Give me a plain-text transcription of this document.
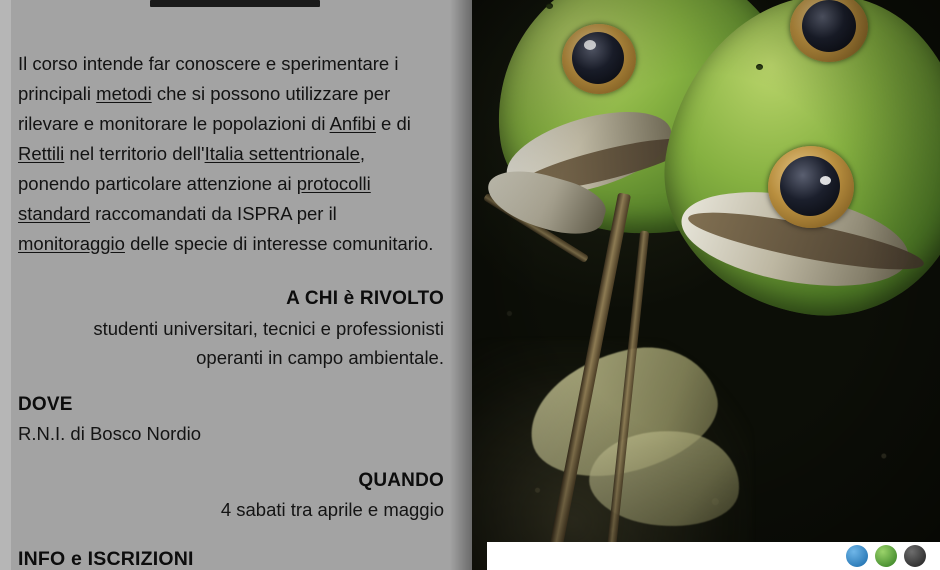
Il corso intende far conoscere e sperimentare i principali metodi che si possono utilizzare per rilevare e monitorare le popolazioni di Anfibi e di Rettili nel territorio dell'Italia settentrionale, ponendo particolare attenzione ai protocolli standard raccomandati da ISPRA per il monitoraggio delle specie di interesse comunitario.

A CHI è RIVOLTO
studenti universitari, tecnici e professionisti
operanti in campo ambientale.
DOVE
R.N.I. di Bosco Nordio
QUANDO
4 sabati tra aprile e maggio
INFO e ISCRIZIONI
